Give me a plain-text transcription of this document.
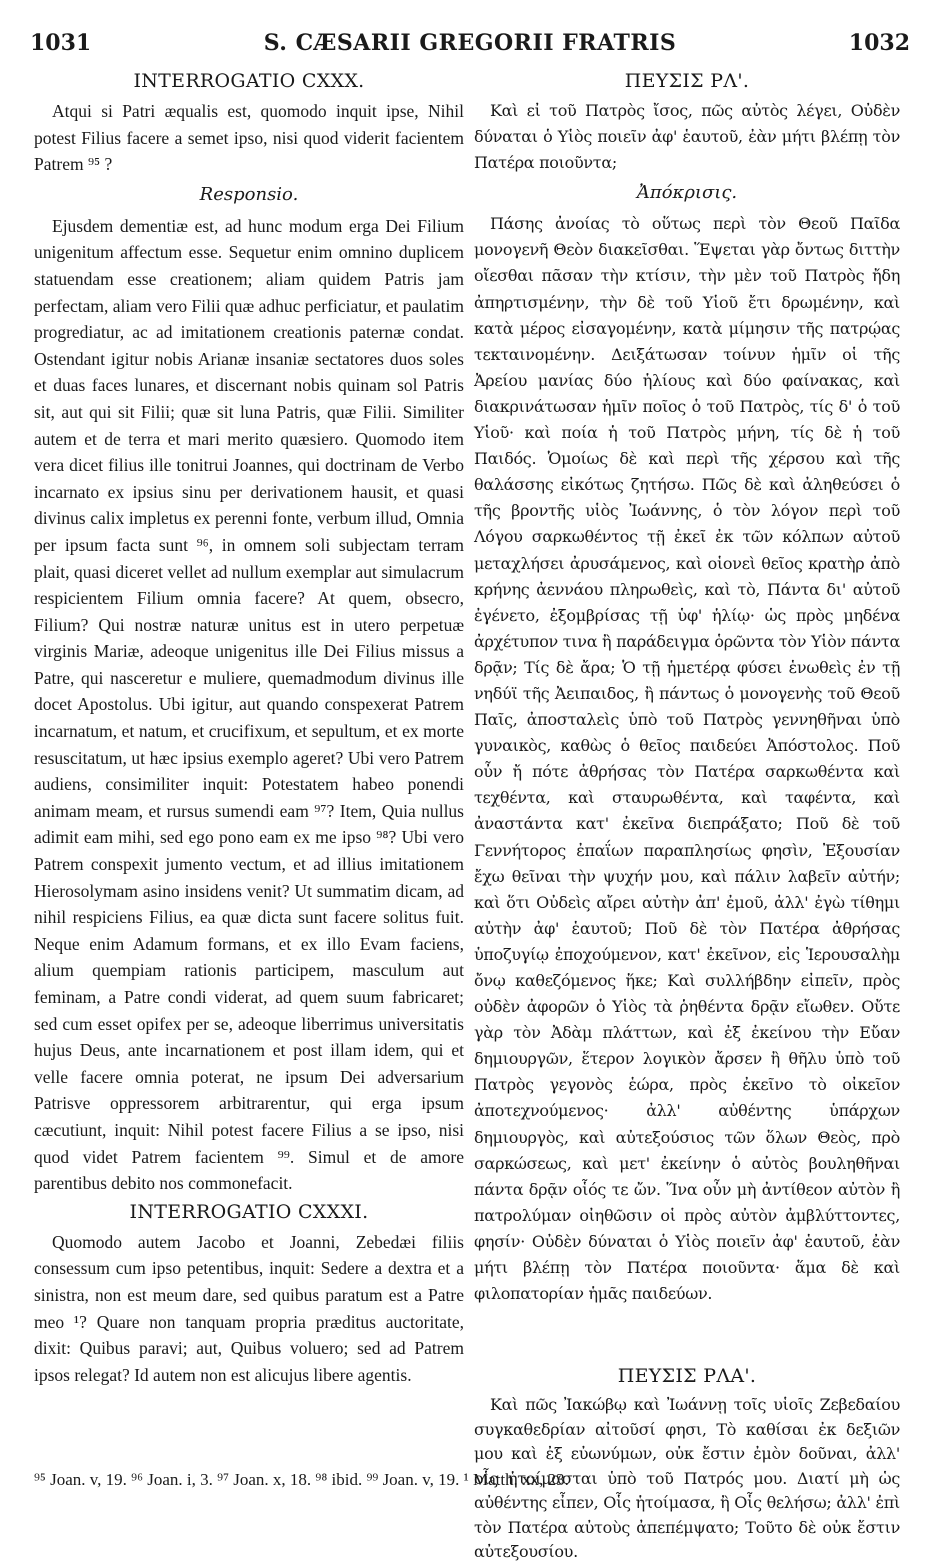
1031	S. CÆSARII GREGORII FRATRIS	1032
INTERROGATIO CXXX.

Atqui si Patri æqualis est, quomodo inquit ipse, Nihil potest Filius facere a semet ipso, nisi quod viderit facientem Patrem ⁹⁵ ?

Responsio.

Ejusdem dementiæ est, ad hunc modum erga Dei Filium unigenitum affectum esse. Sequetur enim omnino duplicem statuendam esse creationem; aliam quidem Patris jam perfectam, aliam vero Filii quæ adhuc perficiatur, et paulatim progrediatur, ac ad imitationem creationis paternæ condat. Ostendant igitur nobis Arianæ insaniæ sectatores duos soles et duas faces lunares, et discernant nobis quinam sol Patris sit, aut qui sit Filii; quæ sit luna Patris, quæ Filii. Similiter autem et de terra et mari merito quæsiero. Quomodo item vera dicet filius ille tonitrui Joannes, qui doctrinam de Verbo incarnato ex ipsius sinu per derivationem hausit, et quasi divinus calix impletus ex perenni fonte, verbum illud, Omnia per ipsum facta sunt ⁹⁶, in omnem soli subjectam terram plait, quasi diceret vellet ad nullum exemplar aut simulacrum respicientem Filium omnia facere? At quem, obsecro, Filium? Qui nostræ naturæ unitus est in utero perpetuæ virginis Mariæ, adeoque unigenitus ille Dei Filius missus a Patre, qui nasceretur e muliere, quemadmodum divinus ille docet Apostolus. Ubi igitur, aut quando conspexerat Patrem incarnatum, et natum, et crucifixum, et sepultum, et ex morte resuscitatum, ut hæc ipsius exemplo ageret? Ubi vero Patrem audiens, consimiliter inquit: Potestatem habeo ponendi animam meam, et rursus sumendi eam ⁹⁷? Item, Quia nullus adimit eam mihi, sed ego pono eam ex me ipso ⁹⁸? Ubi vero Patrem conspexit jumento vectum, et ad illius imitationem Hierosolymam asino insidens venit? Ut summatim dicam, ad nihil respiciens Filius, ea quæ dicta sunt facere solitus fuit. Neque enim Adamum formans, et ex illo Evam faciens, alium quempiam rationis participem, masculum aut feminam, a Patre condi viderat, ad quem suum fabricaret; sed cum esset opifex per se, adeoque liberrimus universitatis hujus Deus, ante incarnationem et post illam idem, qui et velle facere omnia poterat, ne ipsum Dei adversarium Patrisve oppressorem arbitrarentur, qui erga ipsum cæcutiunt, inquit: Nihil potest facere Filius a se ipso, nisi quod videt Patrem facientem ⁹⁹. Simul et de amore parentibus debito nos commonefacit.

INTERROGATIO CXXXI.

Quomodo autem Jacobo et Joanni, Zebedæi filiis consessum cum ipso petentibus, inquit: Sedere a dextra et a sinistra, non est meum dare, sed quibus paratum est a Patre meo ¹? Quare non tanquam propria præditus auctoritate, dixit: Quibus paravi; aut, Quibus voluero; sed ad Patrem ipsos relegat? Id autem non est alicujus libere agentis.

ΠΕΥΣΙΣ ΡΛ'.

Καὶ εἰ τοῦ Πατρὸς ἴσος, πῶς αὐτὸς λέγει, Οὐδὲν δύναται ὁ Υἱὸς ποιεῖν ἀφ' ἑαυτοῦ, ἐὰν μήτι βλέπῃ τὸν Πατέρα ποιοῦντα;

Ἀπόκρισις.

Πάσης ἀνοίας τὸ οὕτως περὶ τὸν Θεοῦ Παῖδα μονογενῆ Θεὸν διακεῖσθαι. Ἕψεται γὰρ ὄντως διττὴν οἴεσθαι πᾶσαν τὴν κτίσιν, τὴν μὲν τοῦ Πατρὸς ἤδη ἀπηρτισμένην, τὴν δὲ τοῦ Υἱοῦ ἔτι δρωμένην, καὶ κατὰ μέρος εἰσαγομένην, κατὰ μίμησιν τῆς πατρῴας τεκταινομένην. Δειξάτωσαν τοίνυν ἡμῖν οἱ τῆς Ἀρείου μανίας δύο ἡλίους καὶ δύο φαίνακας, καὶ διακρινάτωσαν ἡμῖν ποῖος ὁ τοῦ Πατρὸς, τίς δ' ὁ τοῦ Υἱοῦ· καὶ ποία ἡ τοῦ Πατρὸς μήνη, τίς δὲ ἡ τοῦ Παιδός. Ὁμοίως δὲ καὶ περὶ τῆς χέρσου καὶ τῆς θαλάσσης εἰκότως ζητήσω. Πῶς δὲ καὶ ἀληθεύσει ὁ τῆς βροντῆς υἱὸς Ἰωάννης, ὁ τὸν λόγον περὶ τοῦ Λόγου σαρκωθέντος τῇ ἐκεῖ ἐκ τῶν κόλπων αὐτοῦ μεταχλήσει ἀρυσάμενος, καὶ οἱονεὶ θεῖος κρατὴρ ἀπὸ κρήνης ἀεννάου πληρωθεὶς, καὶ τὸ, Πάντα δι' αὐτοῦ ἐγένετο, ἐξομβρίσας τῇ ὑφ' ἡλίῳ· ὡς πρὸς μηδένα ἀρχέτυπον τινα ἢ παράδειγμα ὁρῶντα τὸν Υἱὸν πάντα δρᾷν; Τίς δὲ ἄρα; Ὁ τῇ ἡμετέρᾳ φύσει ἑνωθεὶς ἐν τῇ νηδύϊ τῆς Ἀειπαιδος, ἢ πάντως ὁ μονογενὴς τοῦ Θεοῦ Παῖς, ἀποσταλεὶς ὑπὸ τοῦ Πατρὸς γεννηθῆναι ὑπὸ γυναικὸς, καθὼς ὁ θεῖος παιδεύει Ἀπόστολος. Ποῦ οὖν ἤ πότε ἀθρήσας τὸν Πατέρα σαρκωθέντα καὶ τεχθέντα, καὶ σταυρωθέντα, καὶ ταφέντα, καὶ ἀναστάντα κατ' ἐκεῖνα διεπράξατο; Ποῦ δὲ τοῦ Γεννήτορος ἐπαΐων παραπλησίως φησὶν, Ἐξουσίαν ἔχω θεῖναι τὴν ψυχήν μου, καὶ πάλιν λαβεῖν αὐτήν; καὶ ὅτι Οὐδεὶς αἴρει αὐτὴν ἀπ' ἐμοῦ, ἀλλ' ἐγὼ τίθημι αὐτὴν ἀφ' ἑαυτοῦ; Ποῦ δὲ τὸν Πατέρα ἀθρήσας ὑποζυγίῳ ἐποχούμενον, κατ' ἐκεῖνον, εἰς Ἱερουσαλὴμ ὄνῳ καθεζόμενος ἥκε; Καὶ συλλήβδην εἰπεῖν, πρὸς οὐδὲν ἀφορῶν ὁ Υἱὸς τὰ ῥηθέντα δρᾷν εἴωθεν. Οὔτε γὰρ τὸν Ἀδὰμ πλάττων, καὶ ἐξ ἐκείνου τὴν Εὔαν δημιουργῶν, ἕτερον λογικὸν ἄρσεν ἢ θῆλυ ὑπὸ τοῦ Πατρὸς γεγονὸς ἑώρα, πρὸς ἐκεῖνο τὸ οἰκεῖον ἀποτεχνούμενος· ἀλλ' αὐθέντης ὑπάρχων δημιουργὸς, καὶ αὐτεξούσιος τῶν ὅλων Θεὸς, πρὸ σαρκώσεως, καὶ μετ' ἐκείνην ὁ αὐτὸς βουληθῆναι πάντα δρᾷν οἷός τε ὤν. Ἵνα οὖν μὴ ἀντίθεον αὐτὸν ἢ πατρολύμαν οἰηθῶσιν οἱ πρὸς αὐτὸν ἀμβλύττοντες, φησίν· Οὐδὲν δύναται ὁ Υἱὸς ποιεῖν ἀφ' ἑαυτοῦ, ἐὰν μήτι βλέπῃ τὸν Πατέρα ποιοῦντα· ἅμα δὲ καὶ φιλοπατορίαν ἡμᾶς παιδεύων.

ΠΕΥΣΙΣ ΡΛΑ'.

Καὶ πῶς Ἰακώβῳ καὶ Ἰωάννῃ τοῖς υἱοῖς Ζεβεδαίου συγκαθεδρίαν αἰτοῦσί φησι, Τὸ καθίσαι ἐκ δεξιῶν μου καὶ ἐξ εὐωνύμων, οὐκ ἔστιν ἐμὸν δοῦναι, ἀλλ' οἷς ἡτοίμασται ὑπὸ τοῦ Πατρός μου. Διατί μὴ ὡς αὐθέντης εἶπεν, Οἷς ἡτοίμασα, ἢ Οἷς θελήσω; ἀλλ' ἐπὶ τὸν Πατέρα αὐτοὺς ἀπεπέμψατο; Τοῦτο δὲ οὐκ ἔστιν αὐτεξουσίου.

⁹⁵ Joan. v, 19. ⁹⁶ Joan. i, 3. ⁹⁷ Joan. x, 18. ⁹⁸ ibid. ⁹⁹ Joan. v, 19. ¹ Matth. xx, 23.
